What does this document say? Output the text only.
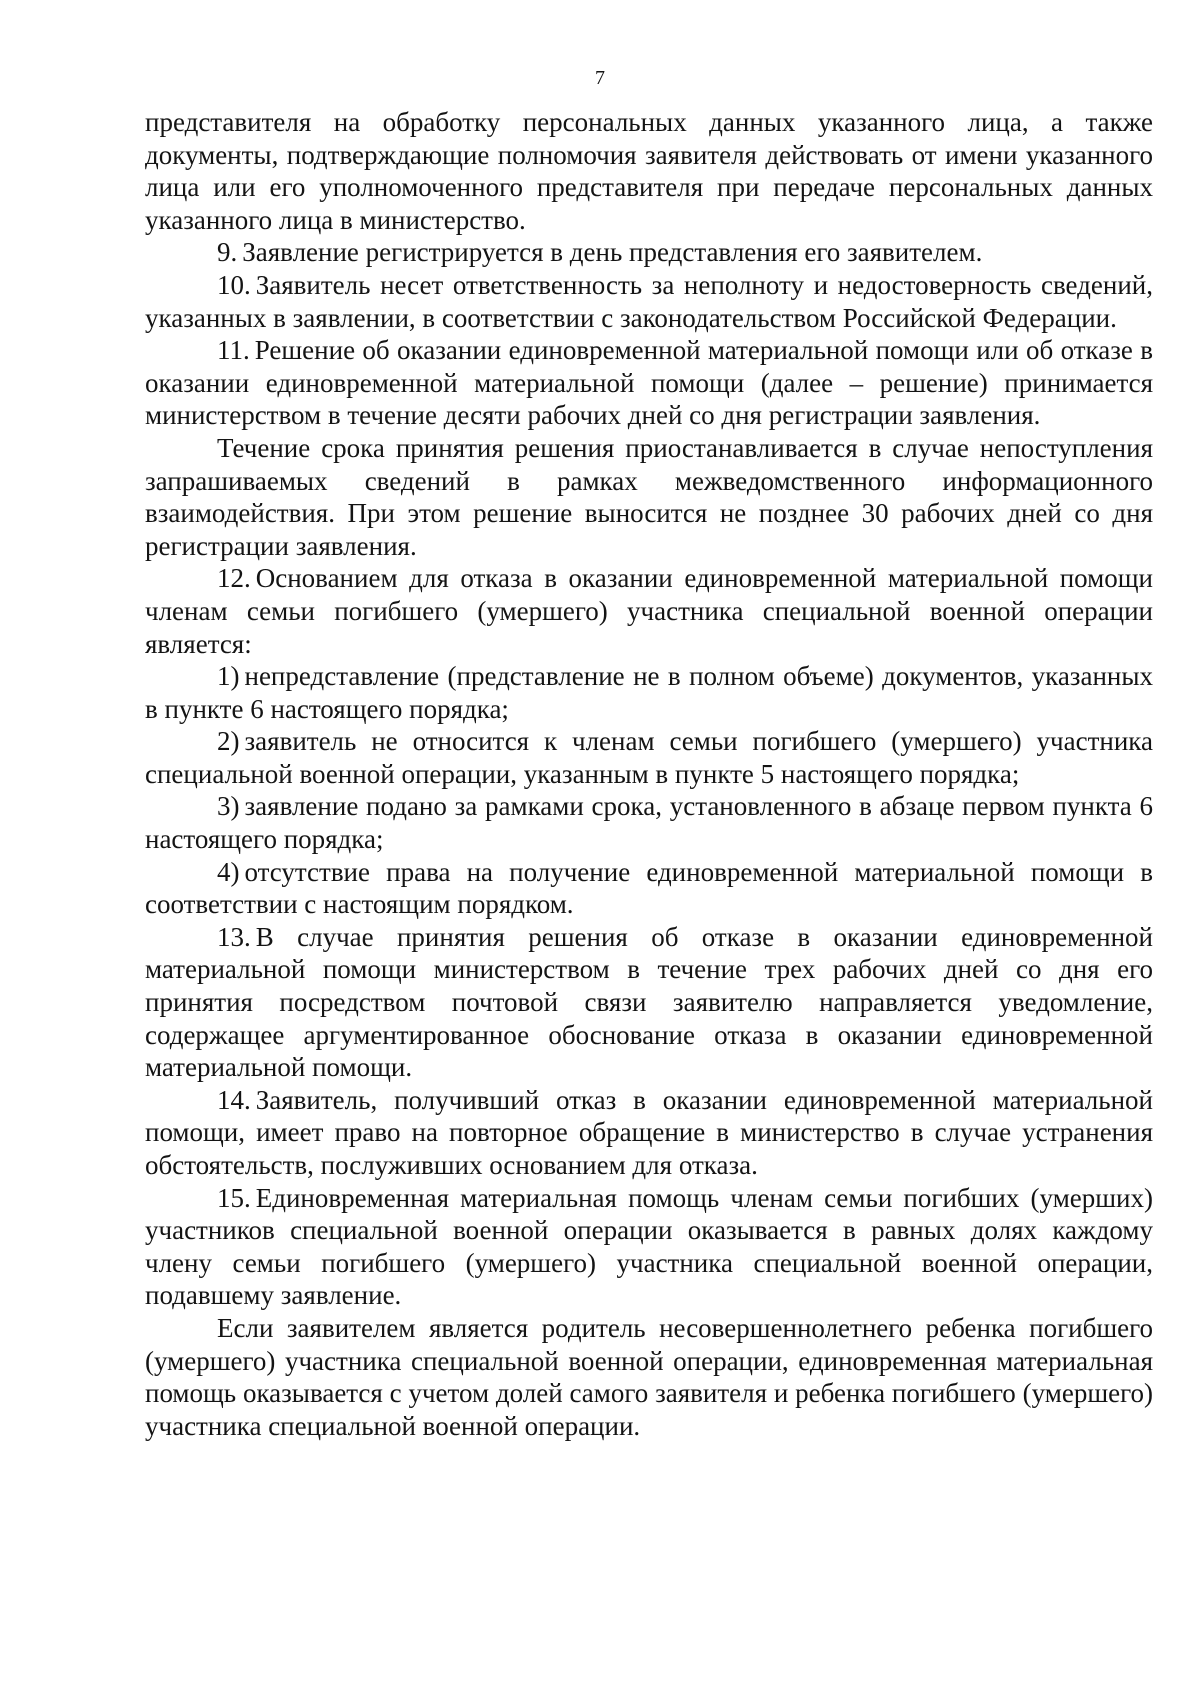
7

представителя на обработку персональных данных указанного лица, а также документы, подтверждающие полномочия заявителя действовать от имени указанного лица или его уполномоченного представителя при передаче персональных данных указанного лица в министерство.

9. Заявление регистрируется в день представления его заявителем.

10. Заявитель несет ответственность за неполноту и недостоверность сведений, указанных в заявлении, в соответствии с законодательством Российской Федерации.

11. Решение об оказании единовременной материальной помощи или об отказе в оказании единовременной материальной помощи (далее – решение) принимается министерством в течение десяти рабочих дней со дня регистрации заявления.

Течение срока принятия решения приостанавливается в случае непоступления запрашиваемых сведений в рамках межведомственного информационного взаимодействия. При этом решение выносится не позднее 30 рабочих дней со дня регистрации заявления.

12. Основанием для отказа в оказании единовременной материальной помощи членам семьи погибшего (умершего) участника специальной военной операции является:

1) непредставление (представление не в полном объеме) документов, указанных в пункте 6 настоящего порядка;

2) заявитель не относится к членам семьи погибшего (умершего) участника специальной военной операции, указанным в пункте 5 настоящего порядка;

3) заявление подано за рамками срока, установленного в абзаце первом пункта 6 настоящего порядка;

4) отсутствие права на получение единовременной материальной помощи в соответствии с настоящим порядком.

13. В случае принятия решения об отказе в оказании единовременной материальной помощи министерством в течение трех рабочих дней со дня его принятия посредством почтовой связи заявителю направляется уведомление, содержащее аргументированное обоснование отказа в оказании единовременной материальной помощи.

14. Заявитель, получивший отказ в оказании единовременной материальной помощи, имеет право на повторное обращение в министерство в случае устранения обстоятельств, послуживших основанием для отказа.

15. Единовременная материальная помощь членам семьи погибших (умерших) участников специальной военной операции оказывается в равных долях каждому члену семьи погибшего (умершего) участника специальной военной операции, подавшему заявление.

Если заявителем является родитель несовершеннолетнего ребенка погибшего (умершего) участника специальной военной операции, единовременная материальная помощь оказывается с учетом долей самого заявителя и ребенка погибшего (умершего) участника специальной военной операции.
